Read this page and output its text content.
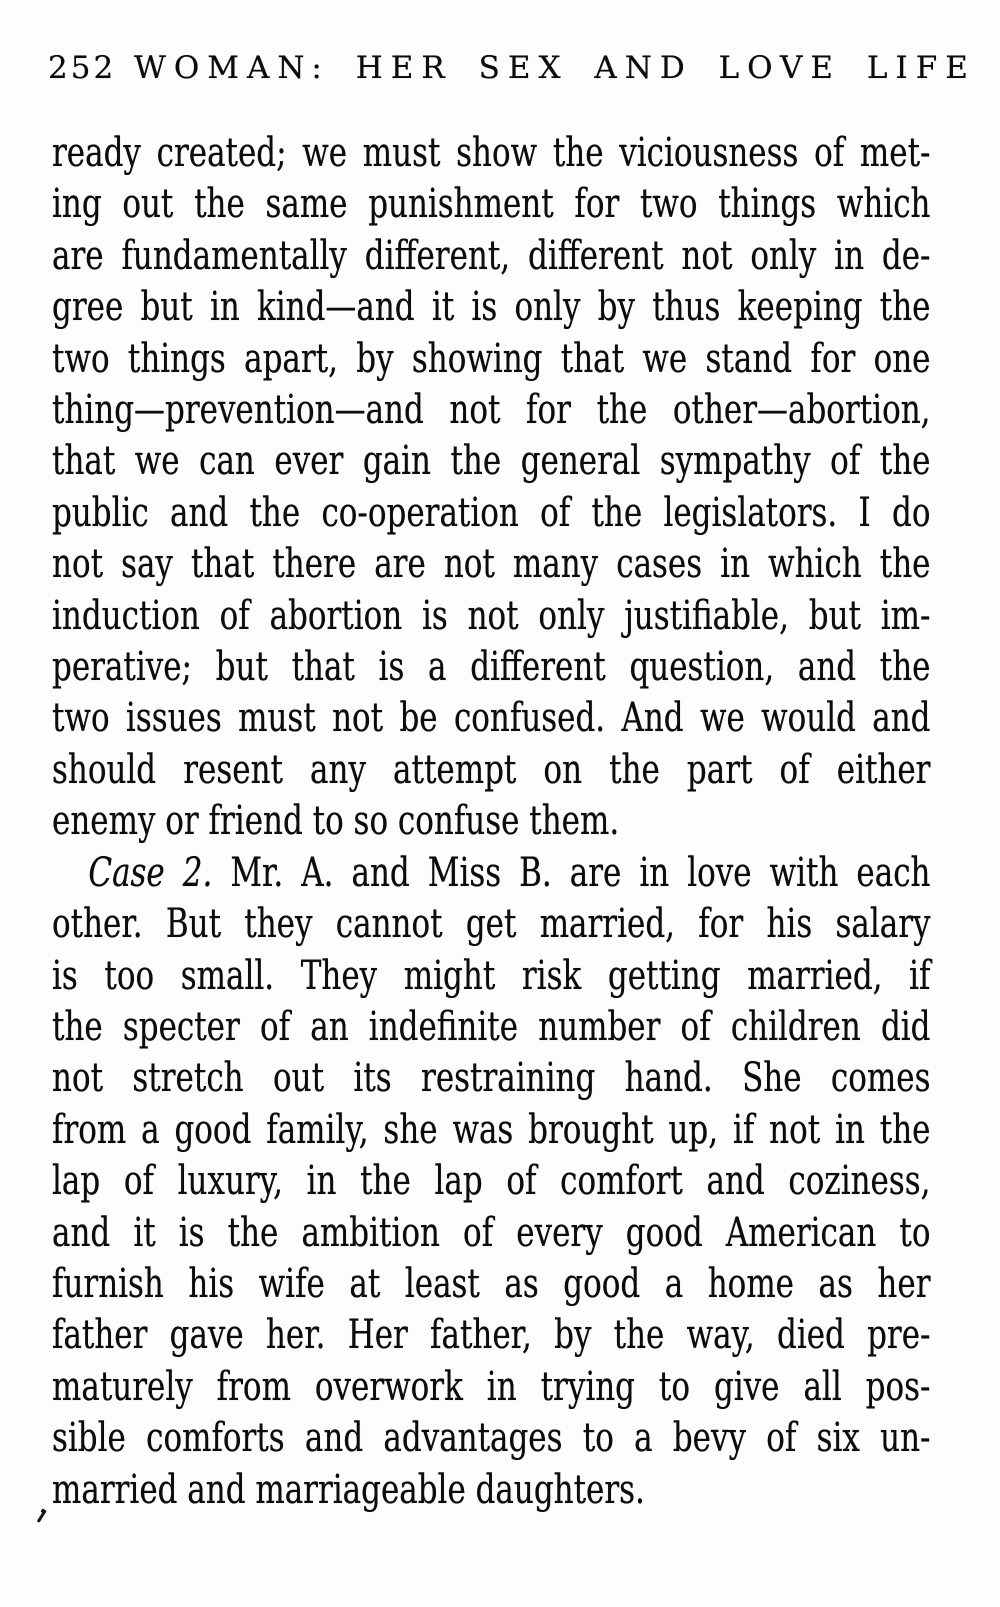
252 WOMAN: HER SEX AND LOVE LIFE
ready created; we must show the viciousness of met-
ing out the same punishment for two things which
are fundamentally different, different not only in de-
gree but in kind—and it is only by thus keeping the
two things apart, by showing that we stand for one
thing—prevention—and not for the other—abortion,
that we can ever gain the general sympathy of the
public and the co-operation of the legislators. I do
not say that there are not many cases in which the
induction of abortion is not only justifiable, but im-
perative; but that is a different question, and the
two issues must not be confused. And we would and
should resent any attempt on the part of either
enemy or friend to so confuse them.
Case 2. Mr. A. and Miss B. are in love with each
other. But they cannot get married, for his salary
is too small. They might risk getting married, if
the specter of an indefinite number of children did
not stretch out its restraining hand. She comes
from a good family, she was brought up, if not in the
lap of luxury, in the lap of comfort and coziness,
and it is the ambition of every good American to
furnish his wife at least as good a home as her
father gave her. Her father, by the way, died pre-
maturely from overwork in trying to give all pos-
sible comforts and advantages to a bevy of six un-
married and marriageable daughters.
